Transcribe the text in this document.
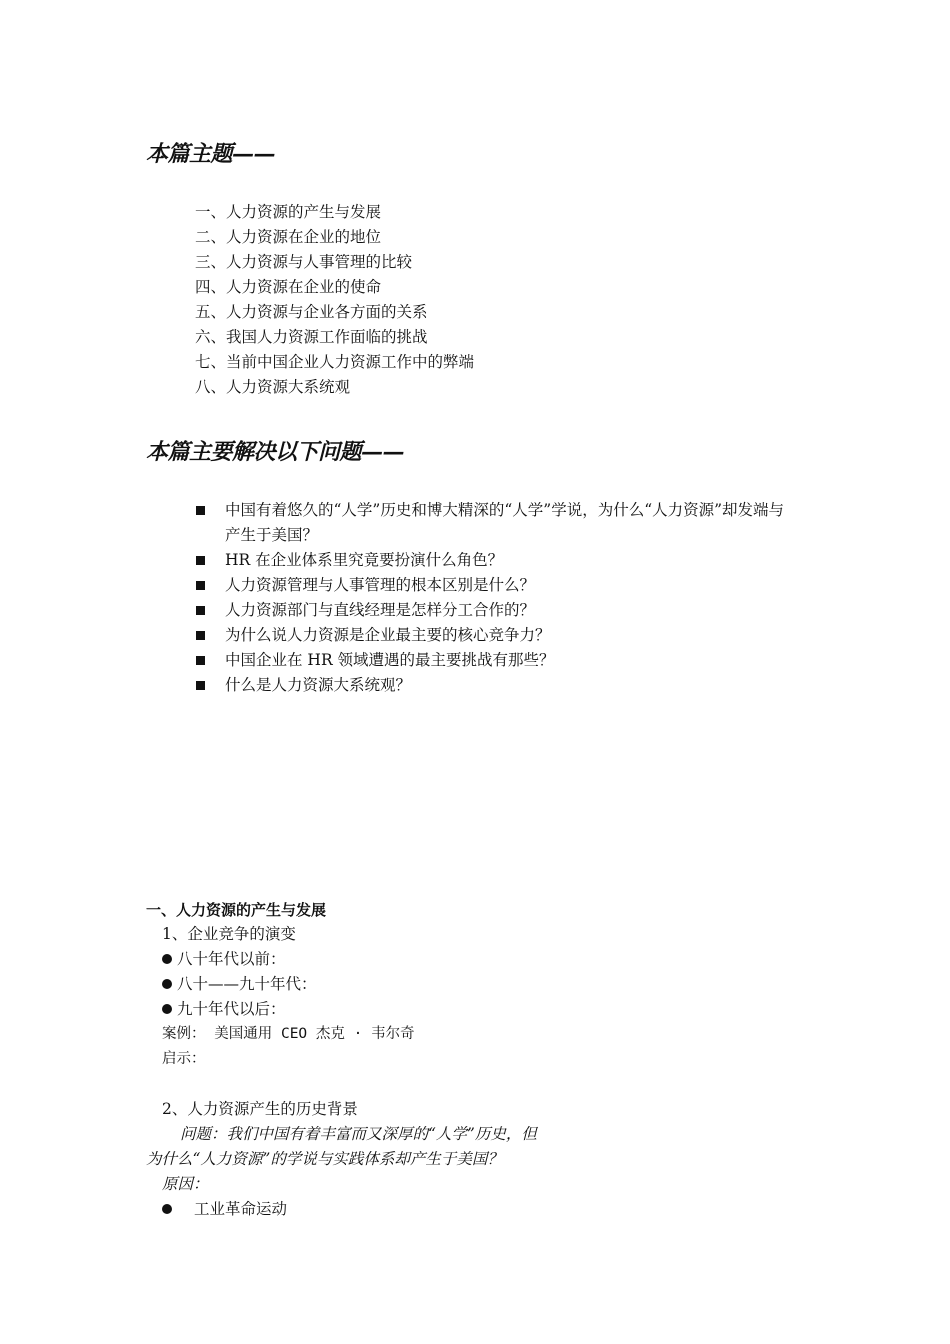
本篇主题——
一、人力资源的产生与发展
二、人力资源在企业的地位
三、人力资源与人事管理的比较
四、人力资源在企业的使命
五、人力资源与企业各方面的关系
六、我国人力资源工作面临的挑战
七、当前中国企业人力资源工作中的弊端
八、人力资源大系统观
本篇主要解决以下问题——
中国有着悠久的“人学”历史和博大精深的“人学”学说，为什么“人力资源”却发端与产生于美国？
HR 在企业体系里究竟要扮演什么角色？
人力资源管理与人事管理的根本区别是什么？
人力资源部门与直线经理是怎样分工合作的？
为什么说人力资源是企业最主要的核心竞争力？
中国企业在 HR 领域遭遇的最主要挑战有那些？
什么是人力资源大系统观？
一、人力资源的产生与发展
1、企业竞争的演变
八十年代以前：
八十——九十年代：
九十年代以后：
案例： 美国通用 CEO 杰克 · 韦尔奇
启示：
2、人力资源产生的历史背景
问题：我们中国有着丰富而又深厚的“人学”历史，但
为什么“人力资源”的学说与实践体系却产生于美国？
原因：
工业革命运动
